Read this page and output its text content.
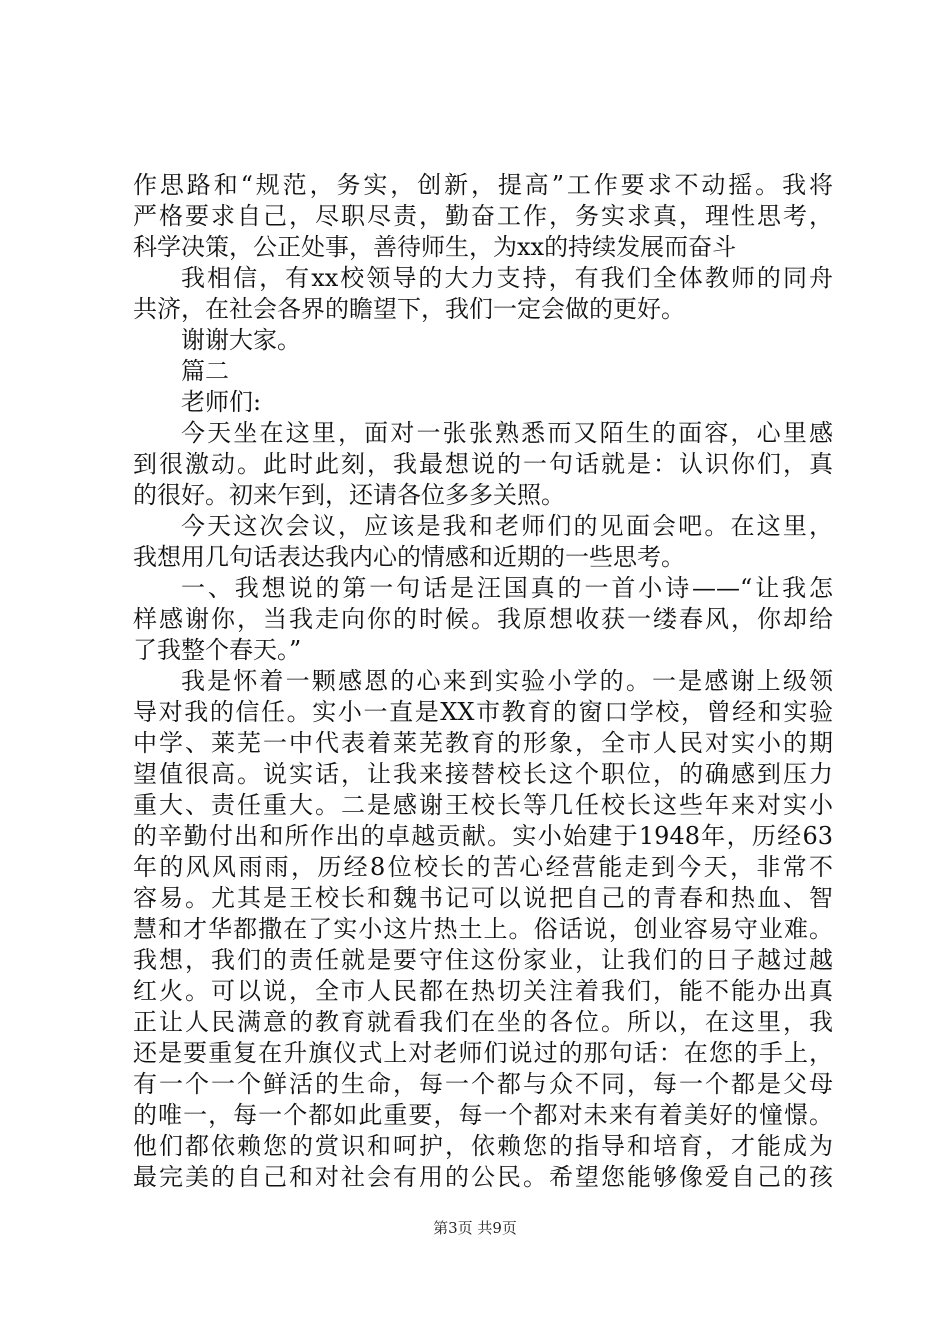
作思路和“规范，务实，创新，提高”工作要求不动摇。我将
严格要求自己，尽职尽责，勤奋工作，务实求真，理性思考，
科学决策，公正处事，善待师生，为xx的持续发展而奋斗
我相信，有xx校领导的大力支持，有我们全体教师的同舟
共济，在社会各界的瞻望下，我们一定会做的更好。
谢谢大家。
篇二
老师们:
今天坐在这里，面对一张张熟悉而又陌生的面容，心里感
到很激动。此时此刻，我最想说的一句话就是：认识你们，真
的很好。初来乍到，还请各位多多关照。
今天这次会议，应该是我和老师们的见面会吧。在这里，
我想用几句话表达我内心的情感和近期的一些思考。
一、我想说的第一句话是汪国真的一首小诗——“让我怎
样感谢你，当我走向你的时候。我原想收获一缕春风，你却给
了我整个春天。”
我是怀着一颗感恩的心来到实验小学的。一是感谢上级领
导对我的信任。实小一直是XX市教育的窗口学校，曾经和实验
中学、莱芜一中代表着莱芜教育的形象，全市人民对实小的期
望值很高。说实话，让我来接替校长这个职位，的确感到压力
重大、责任重大。二是感谢王校长等几任校长这些年来对实小
的辛勤付出和所作出的卓越贡献。实小始建于1948年，历经63
年的风风雨雨，历经8位校长的苦心经营能走到今天，非常不
容易。尤其是王校长和魏书记可以说把自己的青春和热血、智
慧和才华都撒在了实小这片热土上。俗话说，创业容易守业难。
我想，我们的责任就是要守住这份家业，让我们的日子越过越
红火。可以说，全市人民都在热切关注着我们，能不能办出真
正让人民满意的教育就看我们在坐的各位。所以，在这里，我
还是要重复在升旗仪式上对老师们说过的那句话：在您的手上，
有一个一个鲜活的生命，每一个都与众不同，每一个都是父母
的唯一，每一个都如此重要，每一个都对未来有着美好的憧憬。
他们都依赖您的赏识和呵护，依赖您的指导和培育，才能成为
最完美的自己和对社会有用的公民。希望您能够像爱自己的孩
第3页 共9页
